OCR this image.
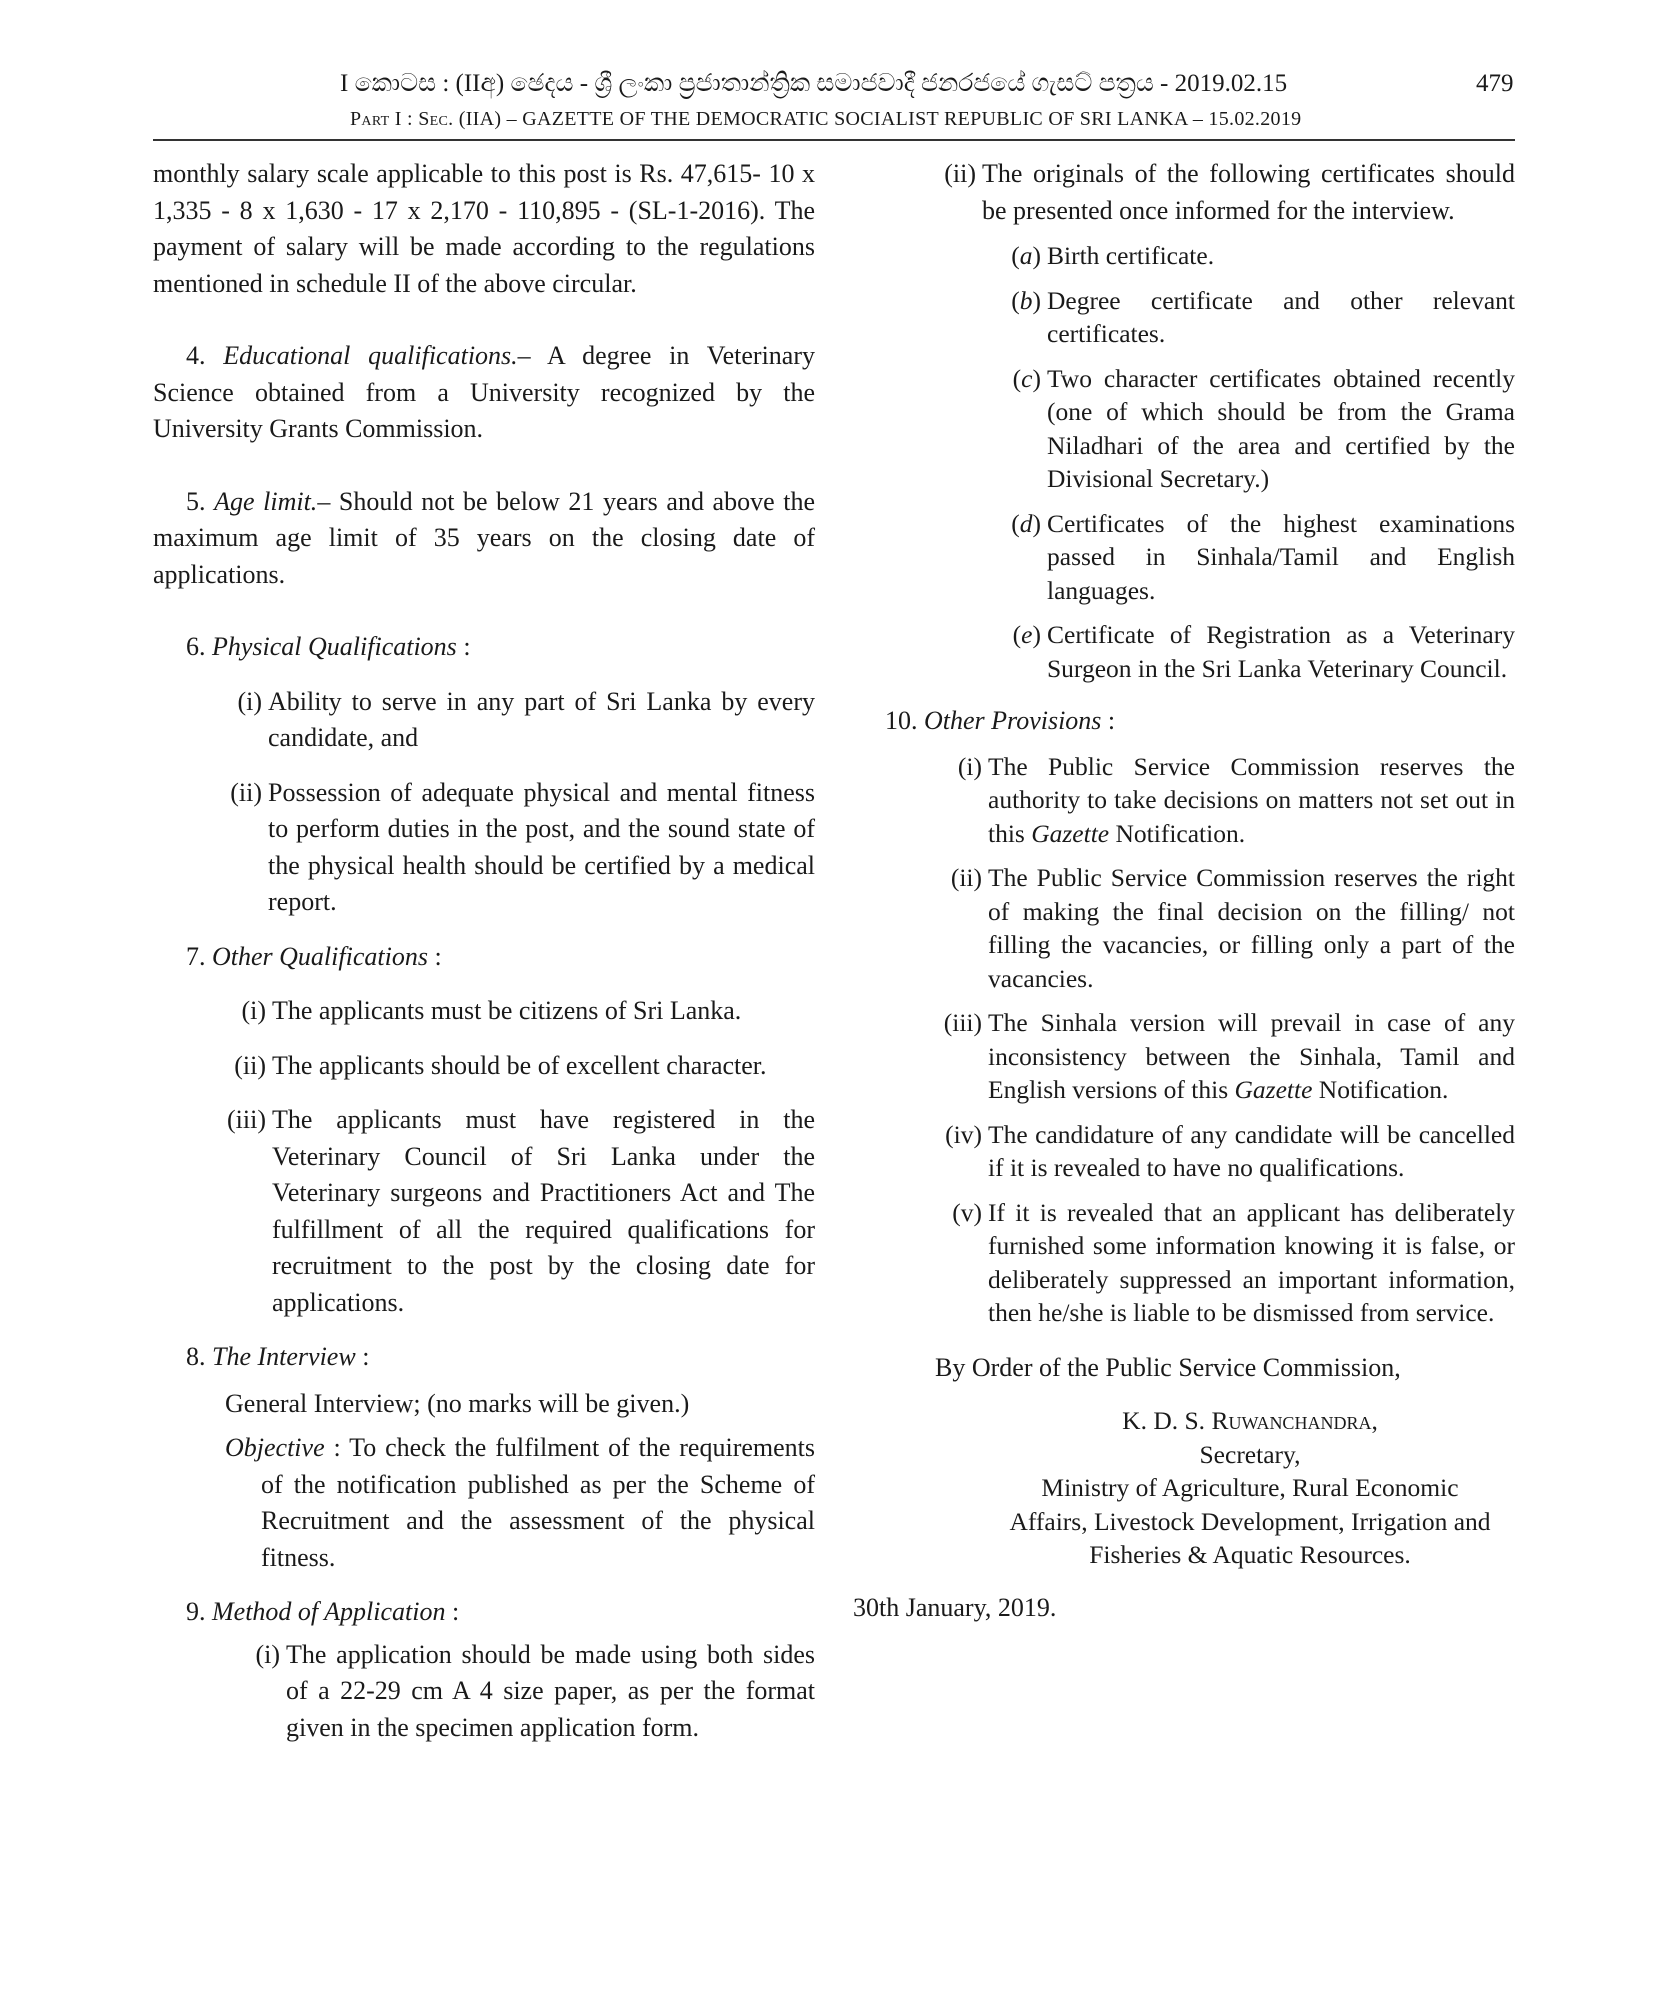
I කොටස : (IIඅ) ඡෙදය - ශ්‍රී ලංකා ප්‍රජාතාන්ත්‍රික සමාජවාදී ජනරජයේ ගැසට් පත්‍රය - 2019.02.15	479
Part I : Sec. (IIA) – GAZETTE OF THE DEMOCRATIC SOCIALIST REPUBLIC OF SRI LANKA – 15.02.2019

monthly salary scale applicable to this post is Rs. 47,615- 10 x 1,335 - 8 x 1,630 - 17 x 2,170 - 110,895 - (SL-1-2016). The payment of salary will be made according to the regulations mentioned in schedule II of the above circular.

4. Educational qualifications.– A degree in Veterinary Science obtained from a University recognized by the University Grants Commission.

5. Age limit.– Should not be below 21 years and above the maximum age limit of 35 years on the closing date of applications.

6. Physical Qualifications :

(i) Ability to serve in any part of Sri Lanka by every candidate, and
(ii) Possession of adequate physical and mental fitness to perform duties in the post, and the sound state of the physical health should be certified by a medical report.

7. Other Qualifications :

(i) The applicants must be citizens of Sri Lanka.
(ii) The applicants should be of excellent character.
(iii) The applicants must have registered in the Veterinary Council of Sri Lanka under the Veterinary surgeons and Practitioners Act and The fulfillment of all the required qualifications for recruitment to the post by the closing date for applications.

8. The Interview :

General Interview; (no marks will be given.)

Objective : To check the fulfilment of the requirements of the notification published as per the Scheme of Recruitment and the assessment of the physical fitness.

9. Method of Application :

(i) The application should be made using both sides of a 22-29 cm A 4 size paper, as per the format given in the specimen application form.
(ii) The originals of the following certificates should be presented once informed for the interview.
(a) Birth certificate.
(b) Degree certificate and other relevant certificates.
(c) Two character certificates obtained recently (one of which should be from the Grama Niladhari of the area and certified by the Divisional Secretary.)
(d) Certificates of the highest examinations passed in Sinhala/Tamil and English languages.
(e) Certificate of Registration as a Veterinary Surgeon in the Sri Lanka Veterinary Council.

10. Other Provisions :

(i) The Public Service Commission reserves the authority to take decisions on matters not set out in this Gazette Notification.
(ii) The Public Service Commission reserves the right of making the final decision on the filling/ not filling the vacancies, or filling only a part of the vacancies.
(iii) The Sinhala version will prevail in case of any inconsistency between the Sinhala, Tamil and English versions of this Gazette Notification.
(iv) The candidature of any candidate will be cancelled if it is revealed to have no qualifications.
(v) If it is revealed that an applicant has deliberately furnished some information knowing it is false, or deliberately suppressed an important information, then he/she is liable to be dismissed from service.

By Order of the Public Service Commission,

K. D. S. Ruwanchandra,

Secretary,

Ministry of Agriculture, Rural Economic

Affairs, Livestock Development, Irrigation and

Fisheries & Aquatic Resources.

30th January, 2019.
